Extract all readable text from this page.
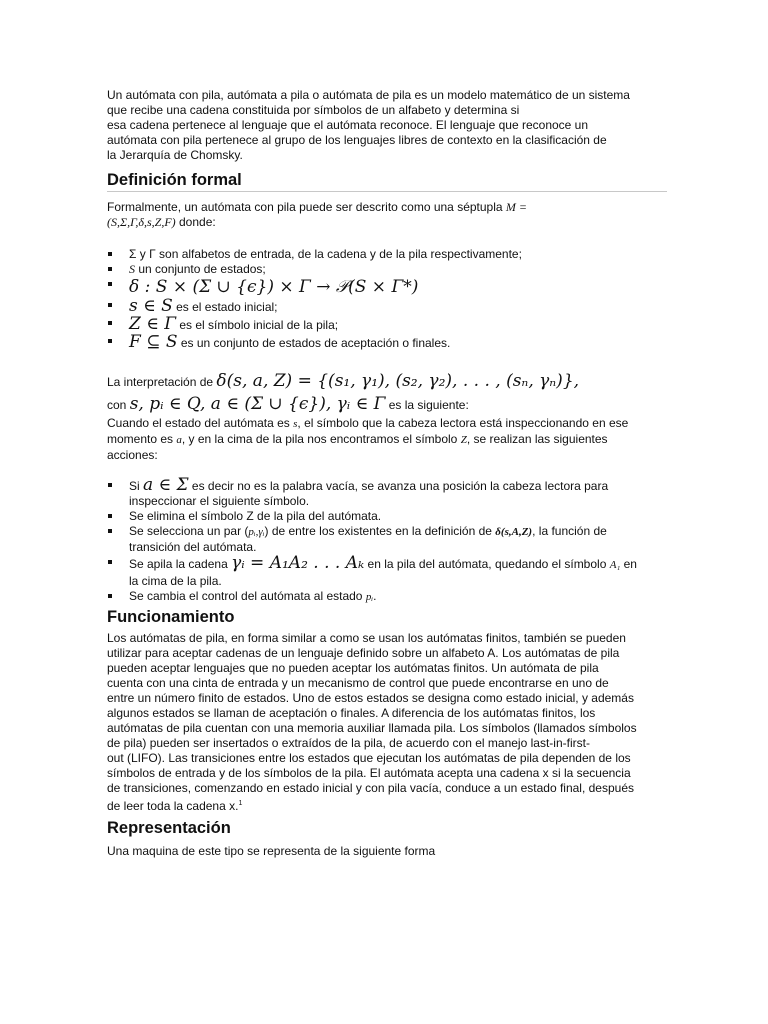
Un autómata con pila, autómata a pila o autómata de pila es un modelo matemático de un sistema
que recibe una cadena constituida por símbolos de un alfabeto y determina si
esa cadena pertenece al lenguaje que el autómata reconoce. El lenguaje que reconoce un
autómata con pila pertenece al grupo de los lenguajes libres de contexto en la clasificación de
la Jerarquía de Chomsky.

Definición formal

Formalmente, un autómata con pila puede ser descrito como una séptupla M =
(S,Σ,Γ,δ,s,Z,F) donde:

Σ y Γ son alfabetos de entrada, de la cadena y de la pila respectivamente;
S un conjunto de estados;
δ : S × (Σ ∪ {ϵ}) × Γ → 𝒫(S × Γ*)
s ∈ S es el estado inicial;
Z ∈ Γ es el símbolo inicial de la pila;
F ⊆ S es un conjunto de estados de aceptación o finales.

La interpretación de δ(s, a, Z) = {(s₁, γ₁), (s₂, γ₂), . . . , (sₙ, γₙ)},
con s, pᵢ ∈ Q, a ∈ (Σ ∪ {ϵ}), γᵢ ∈ Γ es la siguiente:

Cuando el estado del autómata es s, el símbolo que la cabeza lectora está inspeccionando en ese
momento es a, y en la cima de la pila nos encontramos el símbolo Z, se realizan las siguientes
acciones:

Si a ∈ Σ es decir no es la palabra vacía, se avanza una posición la cabeza lectora para
inspeccionar el siguiente símbolo.
Se elimina el símbolo Z de la pila del autómata.
Se selecciona un par (pᵢ,γᵢ) de entre los existentes en la definición de δ(s,A,Z), la función de
transición del autómata.
Se apila la cadena γᵢ = A₁A₂ . . . Aₖ en la pila del autómata, quedando el símbolo A₁ en
la cima de la pila.
Se cambia el control del autómata al estado pᵢ.
Funcionamiento

Los autómatas de pila, en forma similar a como se usan los autómatas finitos, también se pueden
utilizar para aceptar cadenas de un lenguaje definido sobre un alfabeto A. Los autómatas de pila
pueden aceptar lenguajes que no pueden aceptar los autómatas finitos. Un autómata de pila
cuenta con una cinta de entrada y un mecanismo de control que puede encontrarse en uno de
entre un número finito de estados. Uno de estos estados se designa como estado inicial, y además
algunos estados se llaman de aceptación o finales. A diferencia de los autómatas finitos, los
autómatas de pila cuentan con una memoria auxiliar llamada pila. Los símbolos (llamados símbolos
de pila) pueden ser insertados o extraídos de la pila, de acuerdo con el manejo last-in-first-
out (LIFO). Las transiciones entre los estados que ejecutan los autómatas de pila dependen de los
símbolos de entrada y de los símbolos de la pila. El autómata acepta una cadena x si la secuencia
de transiciones, comenzando en estado inicial y con pila vacía, conduce a un estado final, después
de leer toda la cadena x.$^1$

Representación

Una maquina de este tipo se representa de la siguiente forma
